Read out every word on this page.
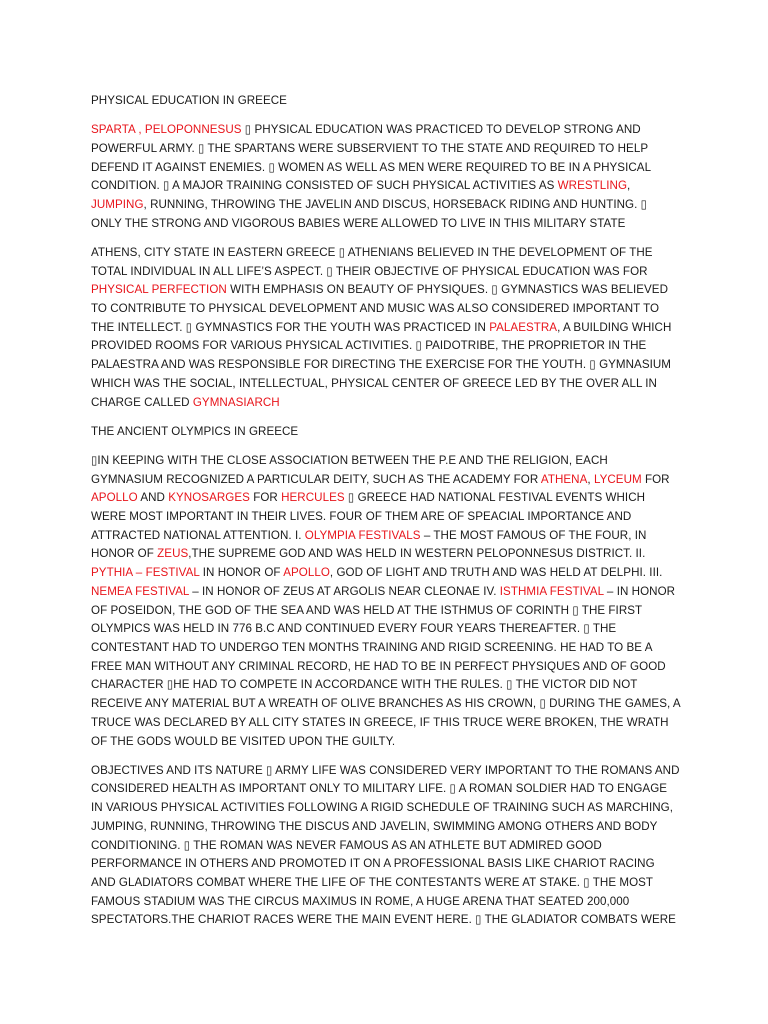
PHYSICAL EDUCATION IN GREECE

SPARTA , PELOPONNESUS ▯ PHYSICAL EDUCATION WAS PRACTICED TO DEVELOP STRONG AND POWERFUL ARMY. ▯ THE SPARTANS WERE SUBSERVIENT TO THE STATE AND REQUIRED TO HELP DEFEND IT AGAINST ENEMIES. ▯ WOMEN AS WELL AS MEN WERE REQUIRED TO BE IN A PHYSICAL CONDITION. ▯ A MAJOR TRAINING CONSISTED OF SUCH PHYSICAL ACTIVITIES AS WRESTLING, JUMPING, RUNNING, THROWING THE JAVELIN AND DISCUS, HORSEBACK RIDING AND HUNTING. ▯ ONLY THE STRONG AND VIGOROUS BABIES WERE ALLOWED TO LIVE IN THIS MILITARY STATE

ATHENS, CITY STATE IN EASTERN GREECE ▯ ATHENIANS BELIEVED IN THE DEVELOPMENT OF THE TOTAL INDIVIDUAL IN ALL LIFE’S ASPECT. ▯ THEIR OBJECTIVE OF PHYSICAL EDUCATION WAS FOR PHYSICAL PERFECTION WITH EMPHASIS ON BEAUTY OF PHYSIQUES. ▯ GYMNASTICS WAS BELIEVED TO CONTRIBUTE TO PHYSICAL DEVELOPMENT AND MUSIC WAS ALSO CONSIDERED IMPORTANT TO THE INTELLECT. ▯ GYMNASTICS FOR THE YOUTH WAS PRACTICED IN PALAESTRA, A BUILDING WHICH PROVIDED ROOMS FOR VARIOUS PHYSICAL ACTIVITIES. ▯ PAIDOTRIBE, THE PROPRIETOR IN THE PALAESTRA AND WAS RESPONSIBLE FOR DIRECTING THE EXERCISE FOR THE YOUTH. ▯ GYMNASIUM WHICH WAS THE SOCIAL, INTELLECTUAL, PHYSICAL CENTER OF GREECE LED BY THE OVER ALL IN CHARGE CALLED GYMNASIARCH

THE ANCIENT OLYMPICS IN GREECE

▯IN KEEPING WITH THE CLOSE ASSOCIATION BETWEEN THE P.E AND THE RELIGION, EACH GYMNASIUM RECOGNIZED A PARTICULAR DEITY, SUCH AS THE ACADEMY FOR ATHENA, LYCEUM FOR APOLLO AND KYNOSARGES FOR HERCULES ▯ GREECE HAD NATIONAL FESTIVAL EVENTS WHICH WERE MOST IMPORTANT IN THEIR LIVES. FOUR OF THEM ARE OF SPEACIAL IMPORTANCE AND ATTRACTED NATIONAL ATTENTION. I. OLYMPIA FESTIVALS – THE MOST FAMOUS OF THE FOUR, IN HONOR OF ZEUS,THE SUPREME GOD AND WAS HELD IN WESTERN PELOPONNESUS DISTRICT. II. PYTHIA – FESTIVAL IN HONOR OF APOLLO, GOD OF LIGHT AND TRUTH AND WAS HELD AT DELPHI. III. NEMEA FESTIVAL – IN HONOR OF ZEUS AT ARGOLIS NEAR CLEONAE IV. ISTHMIA FESTIVAL – IN HONOR OF POSEIDON, THE GOD OF THE SEA AND WAS HELD AT THE ISTHMUS OF CORINTH ▯ THE FIRST OLYMPICS WAS HELD IN 776 B.C AND CONTINUED EVERY FOUR YEARS THEREAFTER. ▯ THE CONTESTANT HAD TO UNDERGO TEN MONTHS TRAINING AND RIGID SCREENING. HE HAD TO BE A FREE MAN WITHOUT ANY CRIMINAL RECORD, HE HAD TO BE IN PERFECT PHYSIQUES AND OF GOOD CHARACTER ▯HE HAD TO COMPETE IN ACCORDANCE WITH THE RULES. ▯ THE VICTOR DID NOT RECEIVE ANY MATERIAL BUT A WREATH OF OLIVE BRANCHES AS HIS CROWN, ▯ DURING THE GAMES, A TRUCE WAS DECLARED BY ALL CITY STATES IN GREECE, IF THIS TRUCE WERE BROKEN, THE WRATH OF THE GODS WOULD BE VISITED UPON THE GUILTY.

OBJECTIVES AND ITS NATURE ▯ ARMY LIFE WAS CONSIDERED VERY IMPORTANT TO THE ROMANS AND CONSIDERED HEALTH AS IMPORTANT ONLY TO MILITARY LIFE. ▯ A ROMAN SOLDIER HAD TO ENGAGE IN VARIOUS PHYSICAL ACTIVITIES FOLLOWING A RIGID SCHEDULE OF TRAINING SUCH AS MARCHING, JUMPING, RUNNING, THROWING THE DISCUS AND JAVELIN, SWIMMING AMONG OTHERS AND BODY CONDITIONING. ▯ THE ROMAN WAS NEVER FAMOUS AS AN ATHLETE BUT ADMIRED GOOD PERFORMANCE IN OTHERS AND PROMOTED IT ON A PROFESSIONAL BASIS LIKE CHARIOT RACING AND GLADIATORS COMBAT WHERE THE LIFE OF THE CONTESTANTS WERE AT STAKE. ▯ THE MOST FAMOUS STADIUM WAS THE CIRCUS MAXIMUS IN ROME, A HUGE ARENA THAT SEATED 200,000 SPECTATORS.THE CHARIOT RACES WERE THE MAIN EVENT HERE. ▯ THE GLADIATOR COMBATS WERE
